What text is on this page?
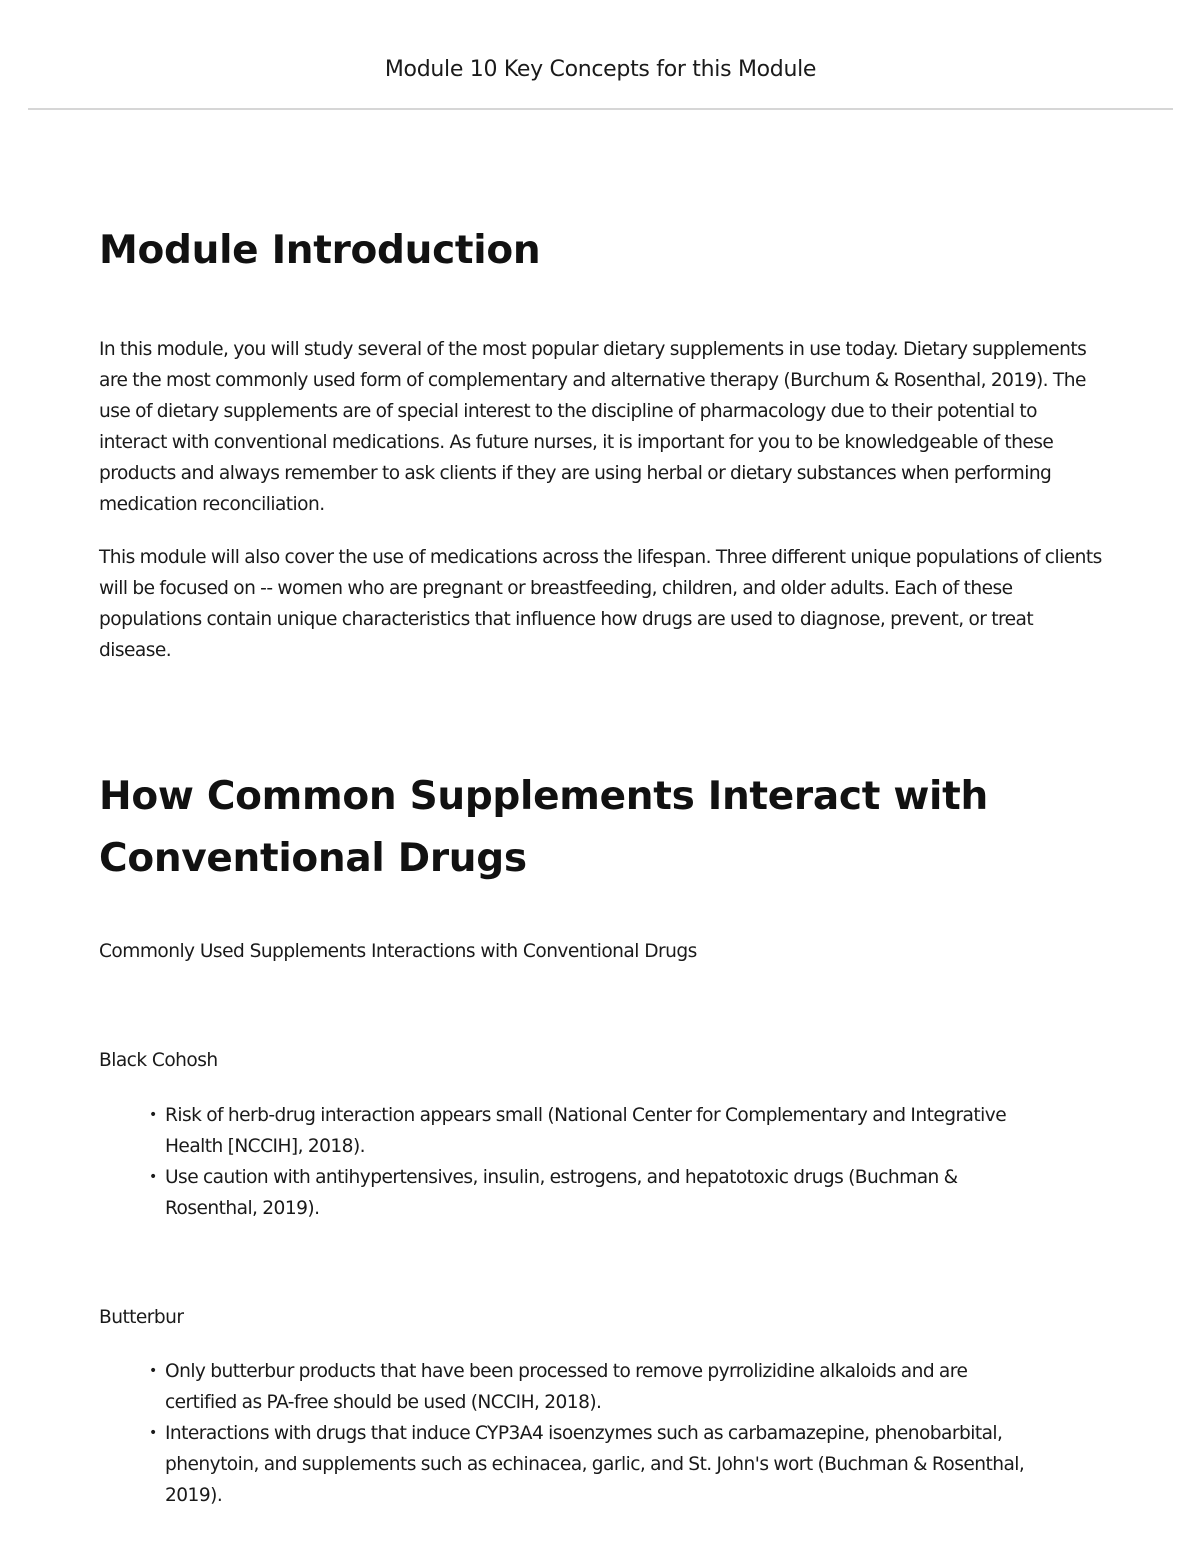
Module 10 Key Concepts for this Module
Module Introduction

In this module, you will study several of the most popular dietary supplements in use today. Dietary supplements are the most commonly used form of complementary and alternative therapy (Burchum & Rosenthal, 2019). The use of dietary supplements are of special interest to the discipline of pharmacology due to their potential to interact with conventional medications. As future nurses, it is important for you to be knowledgeable of these products and always remember to ask clients if they are using herbal or dietary substances when performing medication reconciliation.

This module will also cover the use of medications across the lifespan. Three different unique populations of clients will be focused on -- women who are pregnant or breastfeeding, children, and older adults. Each of these populations contain unique characteristics that influence how drugs are used to diagnose, prevent, or treat disease.

How Common Supplements Interact with Conventional Drugs
Commonly Used Supplements Interactions with Conventional Drugs
Black Cohosh
• Risk of herb-drug interaction appears small (National Center for Complementary and Integrative Health [NCCIH], 2018).
• Use caution with antihypertensives, insulin, estrogens, and hepatotoxic drugs (Buchman & Rosenthal, 2019).
Butterbur
• Only butterbur products that have been processed to remove pyrrolizidine alkaloids and are certified as PA-free should be used (NCCIH, 2018).
• Interactions with drugs that induce CYP3A4 isoenzymes such as carbamazepine, phenobarbital, phenytoin, and supplements such as echinacea, garlic, and St. John's wort (Buchman & Rosenthal, 2019).
